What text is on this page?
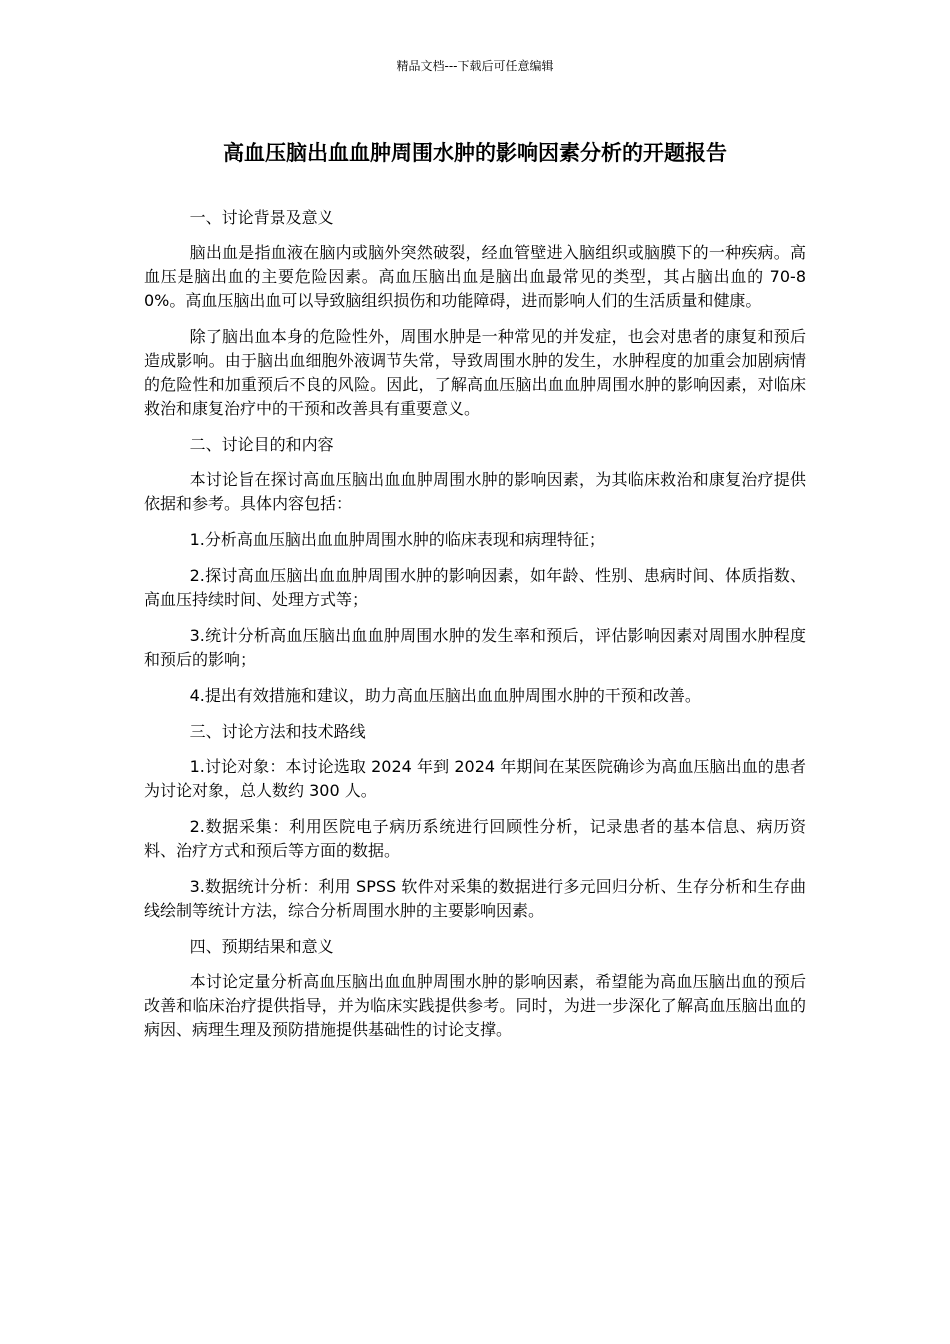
精品文档---下载后可任意编辑
高血压脑出血血肿周围水肿的影响因素分析的开题报告

一、讨论背景及意义

脑出血是指血液在脑内或脑外突然破裂，经血管壁进入脑组织或脑膜下的一种疾病。高血压是脑出血的主要危险因素。高血压脑出血是脑出血最常见的类型，其占脑出血的 70-80%。高血压脑出血可以导致脑组织损伤和功能障碍，进而影响人们的生活质量和健康。

除了脑出血本身的危险性外，周围水肿是一种常见的并发症，也会对患者的康复和预后造成影响。由于脑出血细胞外液调节失常，导致周围水肿的发生，水肿程度的加重会加剧病情的危险性和加重预后不良的风险。因此，了解高血压脑出血血肿周围水肿的影响因素，对临床救治和康复治疗中的干预和改善具有重要意义。

二、讨论目的和内容

本讨论旨在探讨高血压脑出血血肿周围水肿的影响因素，为其临床救治和康复治疗提供依据和参考。具体内容包括：

1.分析高血压脑出血血肿周围水肿的临床表现和病理特征；

2.探讨高血压脑出血血肿周围水肿的影响因素，如年龄、性别、患病时间、体质指数、高血压持续时间、处理方式等；

3.统计分析高血压脑出血血肿周围水肿的发生率和预后，评估影响因素对周围水肿程度和预后的影响；

4.提出有效措施和建议，助力高血压脑出血血肿周围水肿的干预和改善。

三、讨论方法和技术路线

1.讨论对象：本讨论选取 2024 年到 2024 年期间在某医院确诊为高血压脑出血的患者为讨论对象，总人数约 300 人。

2.数据采集：利用医院电子病历系统进行回顾性分析，记录患者的基本信息、病历资料、治疗方式和预后等方面的数据。

3.数据统计分析：利用 SPSS 软件对采集的数据进行多元回归分析、生存分析和生存曲线绘制等统计方法，综合分析周围水肿的主要影响因素。

四、预期结果和意义

本讨论定量分析高血压脑出血血肿周围水肿的影响因素，希望能为高血压脑出血的预后改善和临床治疗提供指导，并为临床实践提供参考。同时，为进一步深化了解高血压脑出血的病因、病理生理及预防措施提供基础性的讨论支撑。
